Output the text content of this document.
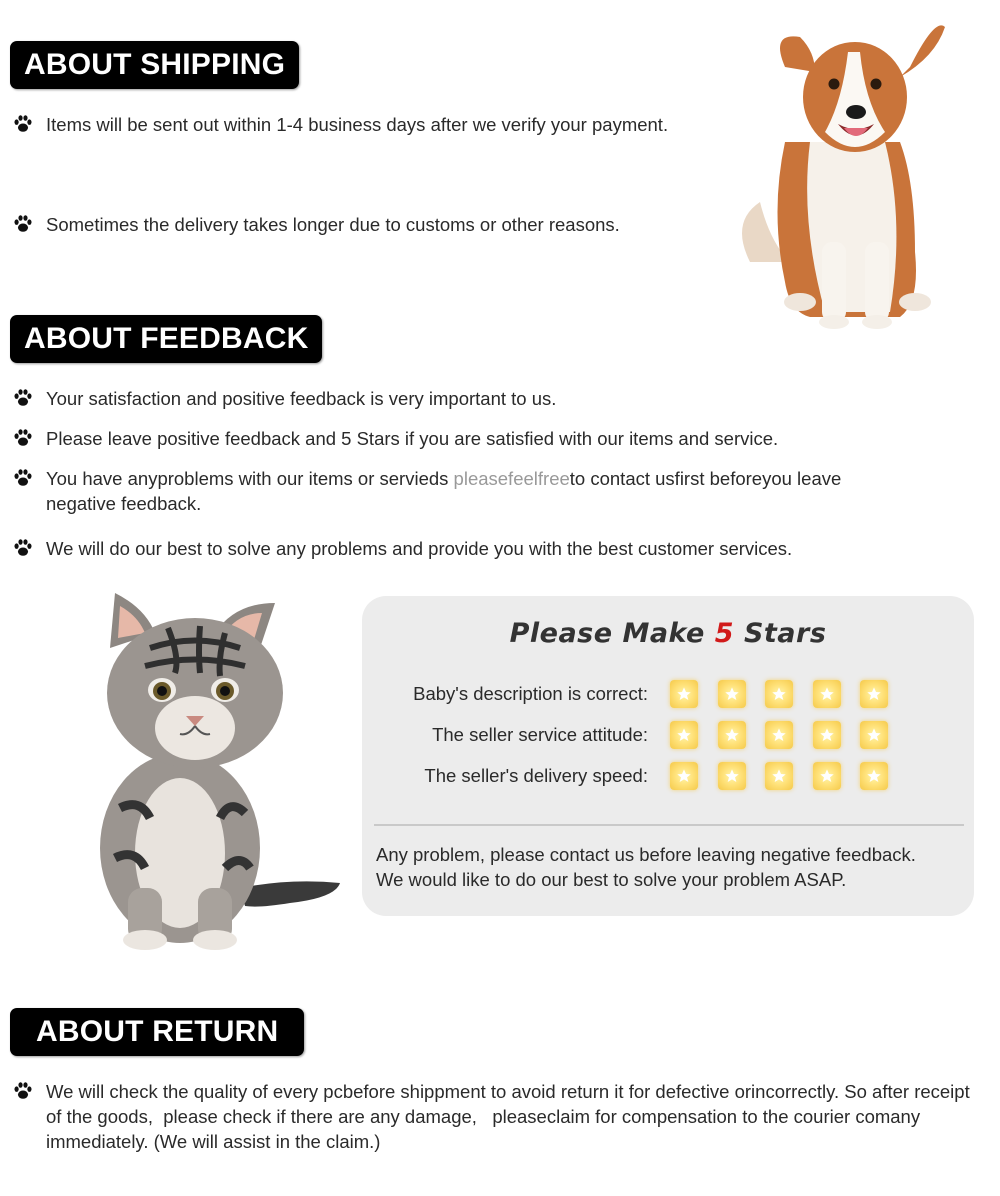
ABOUT SHIPPING
Items will be sent out within 1-4 business days after we verify your payment.
Sometimes the delivery takes longer due to customs or other reasons.
ABOUT FEEDBACK
Your satisfaction and positive feedback is very important to us.
Please leave positive feedback and 5 Stars if you are satisfied with our items and service.
You have anyproblems with our items or servieds pleasefeelfreeto contact usfirst beforeyou leave negative feedback.
We will do our best to solve any problems and provide you with the best customer services.
Please Make 5 Stars
Baby's description is correct:
The seller service attitude:
The seller's delivery speed:
Any problem, please contact us before leaving negative feedback.
We would like to do our best to solve your problem ASAP.
ABOUT RETURN
We will check the quality of every pcbefore shippment to avoid return it for defective orincorrectly. So after receipt of the goods,  please check if there are any damage,   pleaseclaim for compensation to the courier comany immediately. (We will assist in the claim.)
